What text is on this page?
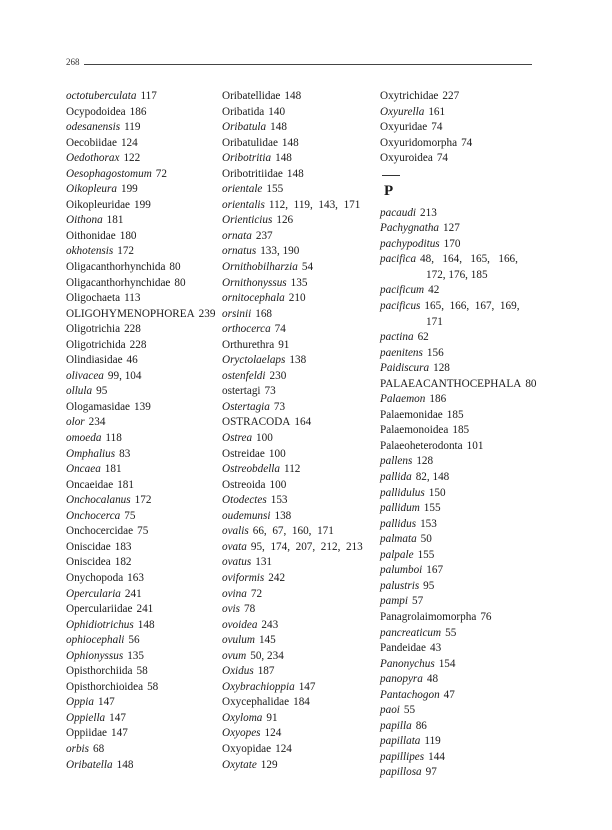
268
octotuberculata 117
Ocypodoidea 186
odesanensis 119
Oecobiidae 124
Oedothorax 122
Oesophagostomum 72
Oikopleura 199
Oikopleuridae 199
Oithona 181
Oithonidae 180
okhotensis 172
Oligacanthorhynchida 80
Oligacanthorhynchidae 80
Oligochaeta 113
OLIGOHYMENOPHOREA 239
Oligotrichia 228
Oligotrichida 228
Olindiasidae 46
olivacea 99, 104
ollula 95
Ologamasidae 139
olor 234
omoeda 118
Omphalius 83
Oncaea 181
Oncaeidae 181
Onchocalanus 172
Onchocerca 75
Onchocercidae 75
Oniscidae 183
Oniscidea 182
Onychopoda 163
Opercularia 241
Operculariidae 241
Ophidiotrichus 148
ophiocephali 56
Ophionyssus 135
Opisthorchiida 58
Opisthorchioidea 58
Oppia 147
Oppiella 147
Oppiidae 147
orbis 68
Oribatella 148
Oribatellidae 148
Oribatida 140
Oribatula 148
Oribatulidae 148
Oribotritia 148
Oribotritiidae 148
orientale 155
orientalis 112,  119,  143,  171
Orienticius 126
ornata 237
ornatus 133, 190
Ornithobilharzia 54
Ornithonyssus 135
ornitocephala 210
orsinii 168
orthocerca 74
Orthurethra 91
Oryctolaelaps 138
ostenfeldi 230
ostertagi 73
Ostertagia 73
OSTRACODA 164
Ostrea 100
Ostreidae 100
Ostreobdella 112
Ostreoida 100
Otodectes 153
oudemunsi 138
ovalis 66,  67,  160,  171
ovata 95,  174,  207,  212,  213
ovatus 131
oviformis 242
ovina 72
ovis 78
ovoidea 243
ovulum 145
ovum 50, 234
Oxidus 187
Oxybrachioppia 147
Oxycephalidae 184
Oxyloma 91
Oxyopes 124
Oxyopidae 124
Oxytate 129
Oxytrichidae 227
Oxyurella 161
Oxyuridae 74
Oxyuridomorpha 74
Oxyuroidea 74
P
pacaudi 213
Pachygnatha 127
pachypoditus 170
pacifica 48,   164,   165,   166,
172, 176, 185
pacificum 42
pacificus 165,  166,  167,  169,
171
pactina 62
paenitens 156
Paidiscura 128
PALAEACANTHOCEPHALA 80
Palaemon 186
Palaemonidae 185
Palaemonoidea 185
Palaeoheterodonta 101
pallens 128
pallida 82, 148
pallidulus 150
pallidum 155
pallidus 153
palmata 50
palpale 155
palumboi 167
palustris 95
pampi 57
Panagrolaimomorpha 76
pancreaticum 55
Pandeidae 43
Panonychus 154
panopyra 48
Pantachogon 47
paoi 55
papilla 86
papillata 119
papillipes 144
papillosa 97
